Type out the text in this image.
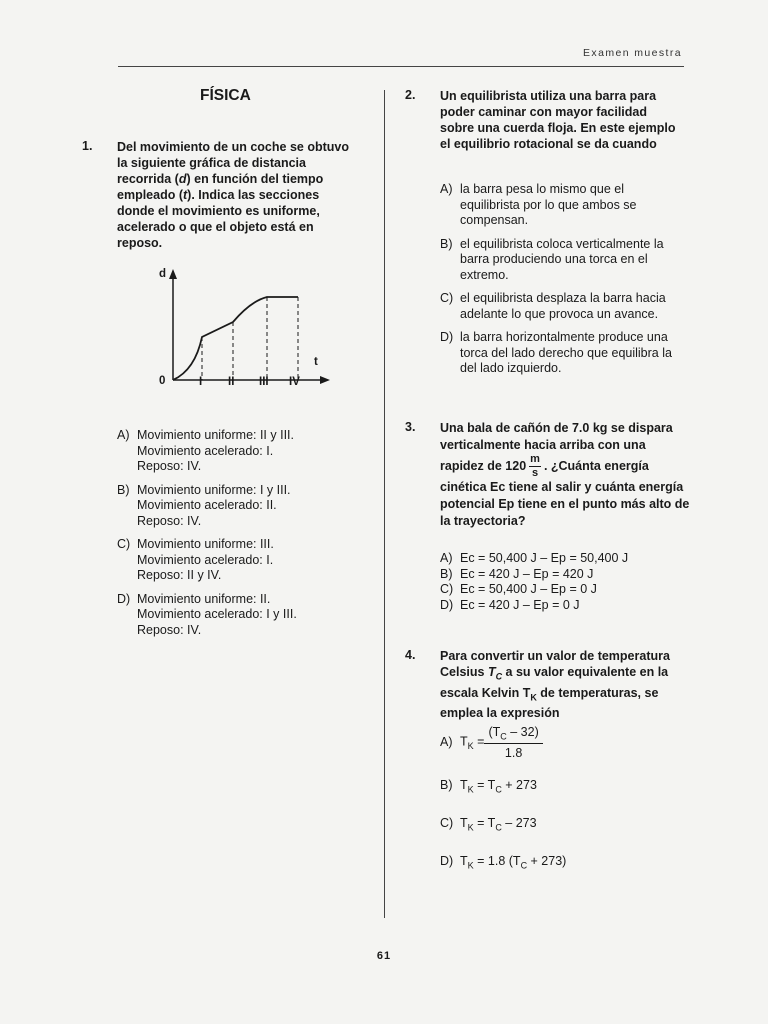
Examen muestra
61
FÍSICA
1. Del movimiento de un coche se obtuvo la siguiente gráfica de distancia recorrida (d) en función del tiempo empleado (t). Indica las secciones donde el movimiento es uniforme, acelerado o que el objeto está en reposo.
d
t
0	I II III IV
A) Movimiento uniforme: II y III.
Movimiento acelerado: I.
Reposo: IV.
B) Movimiento uniforme: I y III.
Movimiento acelerado: II.
Reposo: IV.
C) Movimiento uniforme: III.
Movimiento acelerado: I.
Reposo: II y IV.
D) Movimiento uniforme: II.
Movimiento acelerado: I y III.
Reposo: IV.
2. Un equilibrista utiliza una barra para poder caminar con mayor facilidad sobre una cuerda floja. En este ejemplo el equilibrio rotacional se da cuando
A) la barra pesa lo mismo que el equilibrista por lo que ambos se compensan.
B) el equilibrista coloca verticalmente la barra produciendo una torca en el extremo.
C) el equilibrista desplaza la barra hacia adelante lo que provoca un avance.
D) la barra horizontalmente produce una torca del lado derecho que equilibra la del lado izquierdo.
3. Una bala de cañón de 7.0 kg se dispara verticalmente hacia arriba con una rapidez de $120 \frac{m}{s}$ . ¿Cuánta energía cinética Ec tiene al salir y cuánta energía potencial Ep tiene en el punto más alto de la trayectoria?
A) Ec = 50,400 J – Ep = 50,400 J
B) Ec = 420 J – Ep = 420 J
C) Ec = 50,400 J – Ep = 0 J
D) Ec = 420 J – Ep = 0 J
4. Para convertir un valor de temperatura Celsius $T_C$ a su valor equivalente en la escala Kelvin $T_K$ de temperaturas, se emplea la expresión
A) $T_K = \frac{(T_C - 32)}{1.8}$
B) $T_K = T_C + 273$
C) $T_K = T_C - 273$
D) $T_K = 1.8$ $(T_C + 273)$
